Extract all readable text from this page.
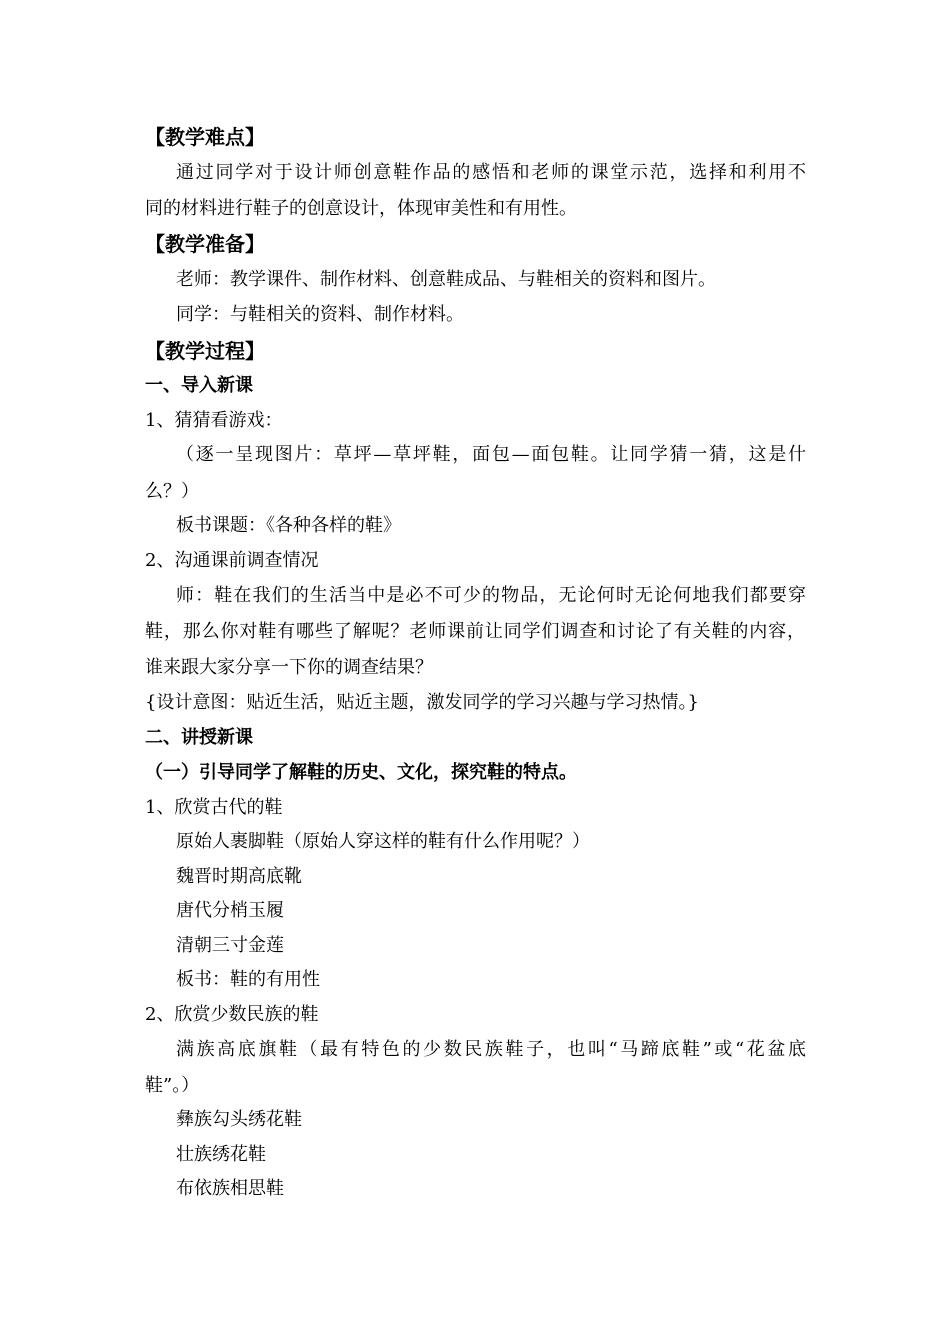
【教学难点】
通过同学对于设计师创意鞋作品的感悟和老师的课堂示范，选择和利用不
同的材料进行鞋子的创意设计，体现审美性和有用性。
【教学准备】
老师：教学课件、制作材料、创意鞋成品、与鞋相关的资料和图片。
同学：与鞋相关的资料、制作材料。
【教学过程】
一、导入新课
1、猜猜看游戏：
（逐一呈现图片：草坪—草坪鞋，面包—面包鞋。让同学猜一猜，这是什
么？）
板书课题：《各种各样的鞋》
2、沟通课前调查情况
师：鞋在我们的生活当中是必不可少的物品，无论何时无论何地我们都要穿
鞋，那么你对鞋有哪些了解呢？老师课前让同学们调查和讨论了有关鞋的内容，
谁来跟大家分享一下你的调查结果？
{设计意图：贴近生活，贴近主题，激发同学的学习兴趣与学习热情。}
二、讲授新课
（一）引导同学了解鞋的历史、文化，探究鞋的特点。
1、欣赏古代的鞋
原始人裹脚鞋（原始人穿这样的鞋有什么作用呢？）
魏晋时期高底靴
唐代分梢玉履
清朝三寸金莲
板书：鞋的有用性
2、欣赏少数民族的鞋
满族高底旗鞋（最有特色的少数民族鞋子，也叫“马蹄底鞋”或“花盆底
鞋”。）
彝族勾头绣花鞋
壮族绣花鞋
布依族相思鞋
